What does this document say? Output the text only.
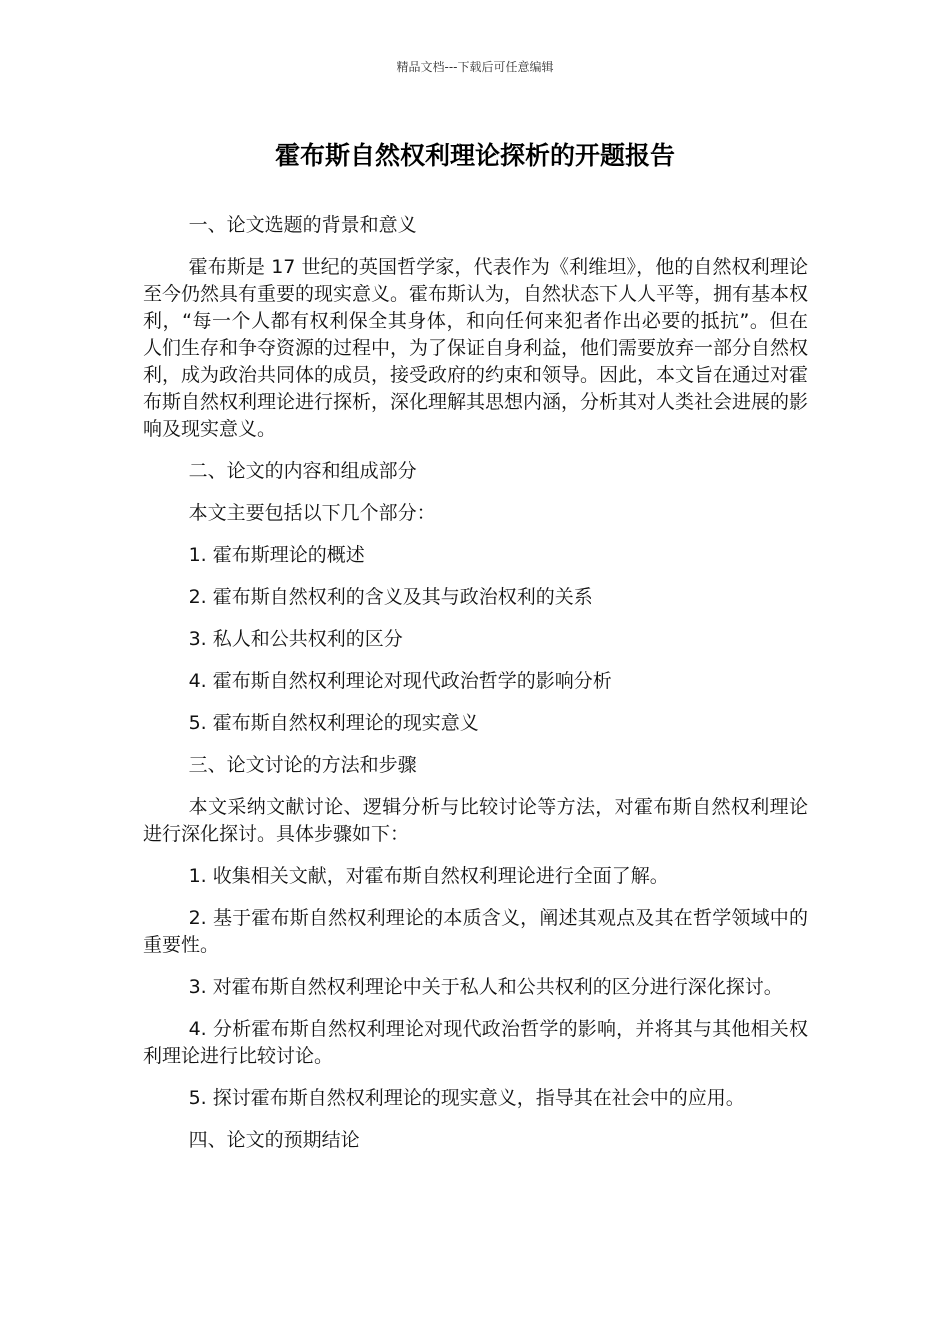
精品文档---下载后可任意编辑
霍布斯自然权利理论探析的开题报告

一、论文选题的背景和意义

霍布斯是 17 世纪的英国哲学家，代表作为《利维坦》，他的自然权利理论至今仍然具有重要的现实意义。霍布斯认为，自然状态下人人平等，拥有基本权利，“每一个人都有权利保全其身体，和向任何来犯者作出必要的抵抗”。但在人们生存和争夺资源的过程中，为了保证自身利益，他们需要放弃一部分自然权利，成为政治共同体的成员，接受政府的约束和领导。因此，本文旨在通过对霍布斯自然权利理论进行探析，深化理解其思想内涵，分析其对人类社会进展的影响及现实意义。

二、论文的内容和组成部分

本文主要包括以下几个部分：

1. 霍布斯理论的概述

2. 霍布斯自然权利的含义及其与政治权利的关系

3. 私人和公共权利的区分

4. 霍布斯自然权利理论对现代政治哲学的影响分析

5. 霍布斯自然权利理论的现实意义

三、论文讨论的方法和步骤

本文采纳文献讨论、逻辑分析与比较讨论等方法，对霍布斯自然权利理论进行深化探讨。具体步骤如下：

1. 收集相关文献，对霍布斯自然权利理论进行全面了解。

2. 基于霍布斯自然权利理论的本质含义，阐述其观点及其在哲学领域中的重要性。

3. 对霍布斯自然权利理论中关于私人和公共权利的区分进行深化探讨。

4. 分析霍布斯自然权利理论对现代政治哲学的影响，并将其与其他相关权利理论进行比较讨论。

5. 探讨霍布斯自然权利理论的现实意义，指导其在社会中的应用。

四、论文的预期结论
